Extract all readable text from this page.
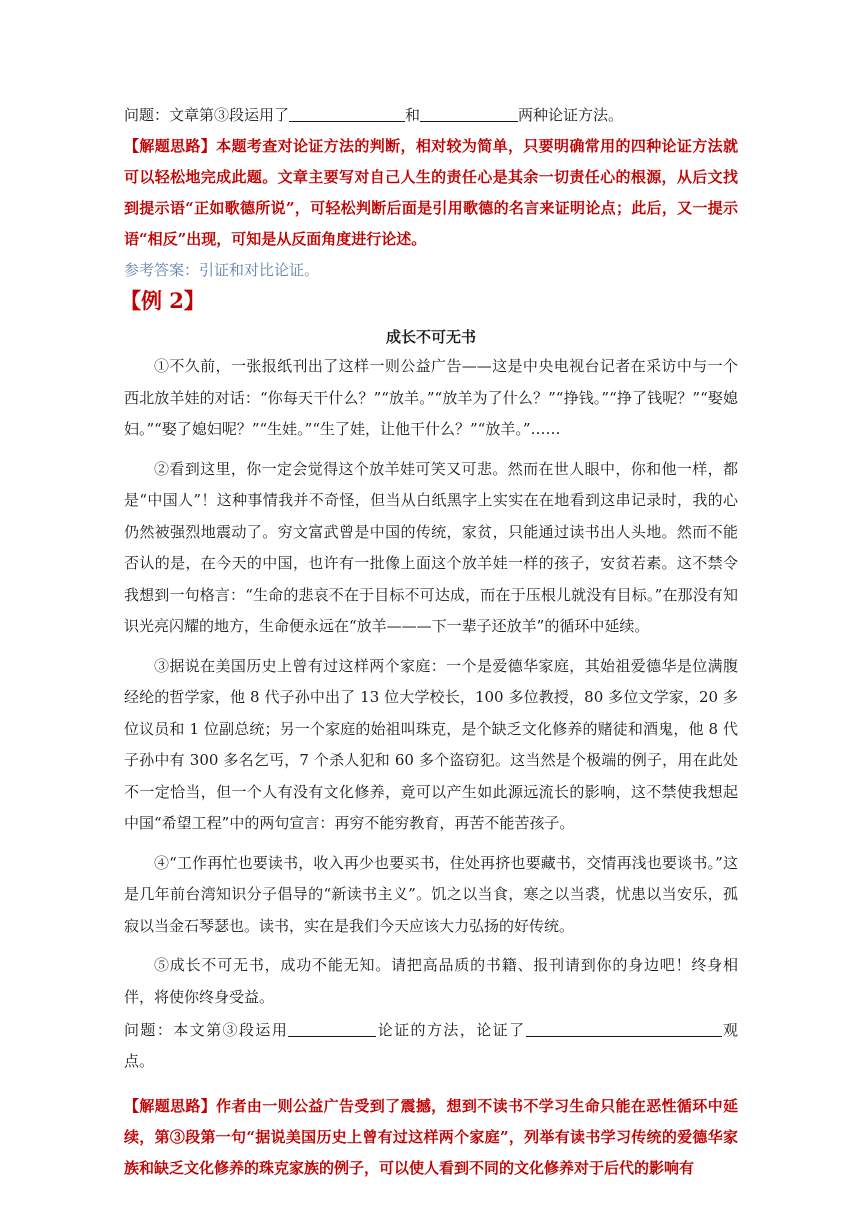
问题：文章第③段运用了	和	两种论证方法。
【解题思路】本题考查对论证方法的判断，相对较为简单，只要明确常用的四种论证方法就可以轻松地完成此题。文章主要写对自己人生的责任心是其余一切责任心的根源，从后文找到提示语“正如歌德所说”，可轻松判断后面是引用歌德的名言来证明论点；此后，又一提示语“相反”出现，可知是从反面角度进行论述。
参考答案：引证和对比论证。
【例 2】
成长不可无书

①不久前，一张报纸刊出了这样一则公益广告——这是中央电视台记者在采访中与一个西北放羊娃的对话：“你每天干什么？”“放羊。”“放羊为了什么？”“挣钱。”“挣了钱呢？”“娶媳妇。”“娶了媳妇呢？”“生娃。”“生了娃，让他干什么？”“放羊。”……

②看到这里，你一定会觉得这个放羊娃可笑又可悲。然而在世人眼中，你和他一样，都是“中国人”！这种事情我并不奇怪，但当从白纸黑字上实实在在地看到这串记录时，我的心仍然被强烈地震动了。穷文富武曾是中国的传统，家贫，只能通过读书出人头地。然而不能否认的是，在今天的中国，也许有一批像上面这个放羊娃一样的孩子，安贫若素。这不禁令我想到一句格言：“生命的悲哀不在于目标不可达成，而在于压根儿就没有目标。”在那没有知识光亮闪耀的地方，生命便永远在“放羊———下一辈子还放羊”的循环中延续。

③据说在美国历史上曾有过这样两个家庭：一个是爱德华家庭，其始祖爱德华是位满腹经纶的哲学家，他 8 代子孙中出了 13 位大学校长，100 多位教授，80 多位文学家，20 多位议员和 1 位副总统；另一个家庭的始祖叫珠克，是个缺乏文化修养的赌徒和酒鬼，他 8 代子孙中有 300 多名乞丐，7 个杀人犯和 60 多个盗窃犯。这当然是个极端的例子，用在此处不一定恰当，但一个人有没有文化修养，竟可以产生如此源远流长的影响，这不禁使我想起中国“希望工程”中的两句宣言：再穷不能穷教育，再苦不能苦孩子。

④“工作再忙也要读书，收入再少也要买书，住处再挤也要藏书，交情再浅也要谈书。”这是几年前台湾知识分子倡导的“新读书主义”。饥之以当食，寒之以当裘，忧患以当安乐，孤寂以当金石琴瑟也。读书，实在是我们今天应该大力弘扬的好传统。

⑤成长不可无书，成功不能无知。请把高品质的书籍、报刊请到你的身边吧！终身相伴，将使你终身受益。

问题：本文第③段运用	论证的方法，论证了	观点。
【解题思路】作者由一则公益广告受到了震撼，想到不读书不学习生命只能在恶性循环中延续，第③段第一句“据说美国历史上曾有过这样两个家庭”，列举有读书学习传统的爱德华家族和缺乏文化修养的珠克家族的例子，可以使人看到不同的文化修养对于后代的影响有
